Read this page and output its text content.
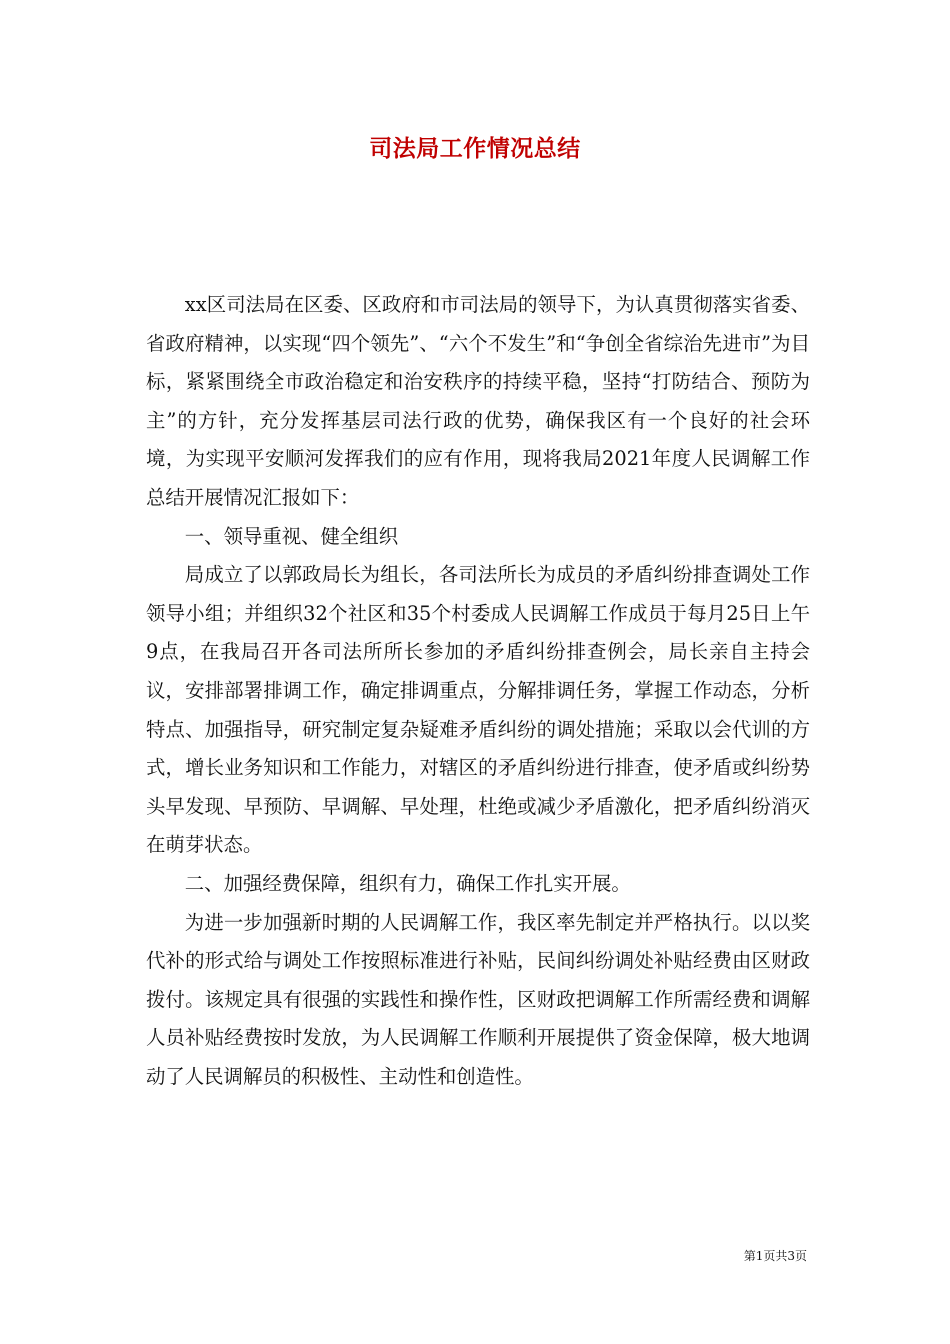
司法局工作情况总结

xx区司法局在区委、区政府和市司法局的领导下，为认真贯彻落实省委、省政府精神，以实现“四个领先”、“六个不发生”和“争创全省综治先进市”为目标，紧紧围绕全市政治稳定和治安秩序的持续平稳，坚持“打防结合、预防为主”的方针，充分发挥基层司法行政的优势，确保我区有一个良好的社会环境，为实现平安顺河发挥我们的应有作用，现将我局2021年度人民调解工作总结开展情况汇报如下：

一、领导重视、健全组织

局成立了以郭政局长为组长，各司法所长为成员的矛盾纠纷排查调处工作领导小组；并组织32个社区和35个村委成人民调解工作成员于每月25日上午9点，在我局召开各司法所所长参加的矛盾纠纷排查例会，局长亲自主持会议，安排部署排调工作，确定排调重点，分解排调任务，掌握工作动态，分析特点、加强指导，研究制定复杂疑难矛盾纠纷的调处措施；采取以会代训的方式，增长业务知识和工作能力，对辖区的矛盾纠纷进行排查，使矛盾或纠纷势头早发现、早预防、早调解、早处理，杜绝或减少矛盾激化，把矛盾纠纷消灭在萌芽状态。

二、加强经费保障，组织有力，确保工作扎实开展。

为进一步加强新时期的人民调解工作，我区率先制定并严格执行。以以奖代补的形式给与调处工作按照标准进行补贴，民间纠纷调处补贴经费由区财政拨付。该规定具有很强的实践性和操作性，区财政把调解工作所需经费和调解人员补贴经费按时发放，为人民调解工作顺利开展提供了资金保障，极大地调动了人民调解员的积极性、主动性和创造性。

第1页共3页
